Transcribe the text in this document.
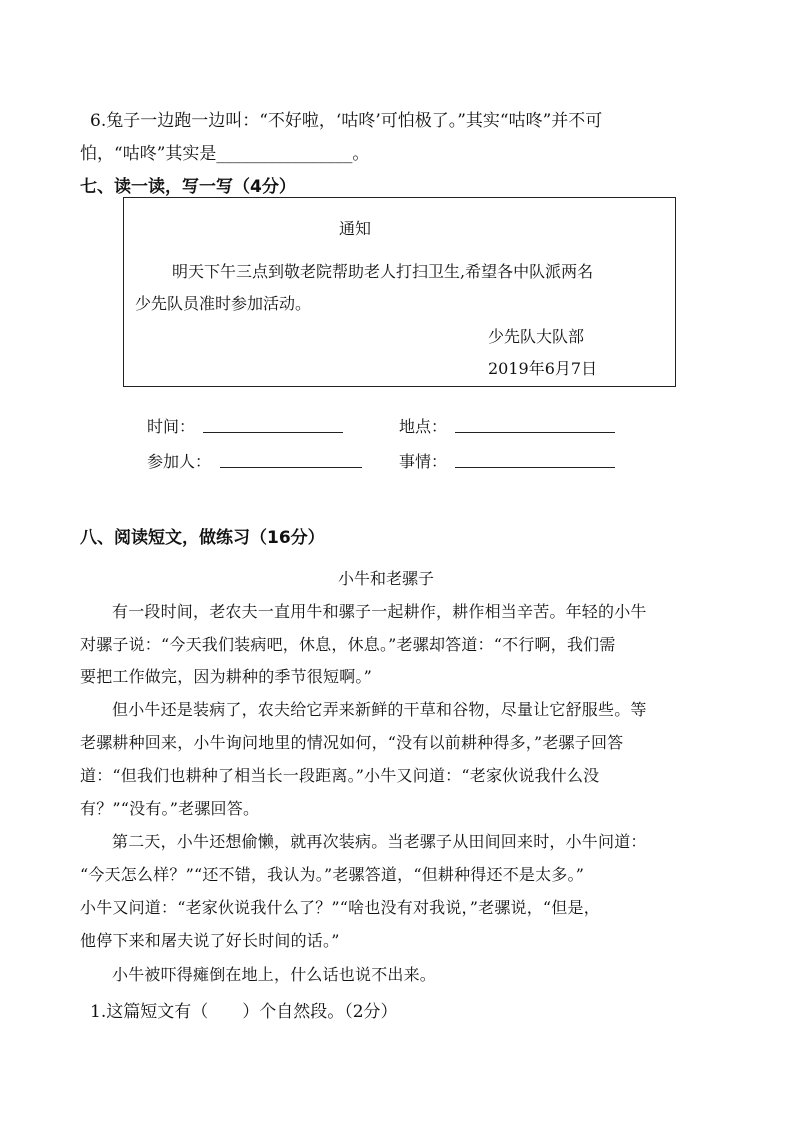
6.兔子一边跑一边叫：“不好啦，‘咕咚’可怕极了。”其实“咕咚”并不可
怕，“咕咚”其实是________________。
七、读一读，写一写（4分）
通知
明天下午三点到敬老院帮助老人打扫卫生,希望各中队派两名
少先队员准时参加活动。
少先队大队部
2019年6月7日
时间：	地点：
参加人：	事情：
八、阅读短文，做练习（16分）
小牛和老骡子
有一段时间，老农夫一直用牛和骡子一起耕作，耕作相当辛苦。年轻的小牛
对骡子说：“今天我们装病吧，休息，休息。”老骡却答道：“不行啊，我们需
要把工作做完，因为耕种的季节很短啊。”
但小牛还是装病了，农夫给它弄来新鲜的干草和谷物，尽量让它舒服些。等
老骡耕种回来，小牛询问地里的情况如何，“没有以前耕种得多，”老骡子回答
道：“但我们也耕种了相当长一段距离。”小牛又问道：“老家伙说我什么没
有？”“没有。”老骡回答。
第二天，小牛还想偷懒，就再次装病。当老骡子从田间回来时，小牛问道：
“今天怎么样？”“还不错，我认为。”老骡答道，“但耕种得还不是太多。”
小牛又问道：“老家伙说我什么了？”“啥也没有对我说，”老骡说，“但是，
他停下来和屠夫说了好长时间的话。”
小牛被吓得瘫倒在地上，什么话也说不出来。
1.这篇短文有（　　）个自然段。（2分）
